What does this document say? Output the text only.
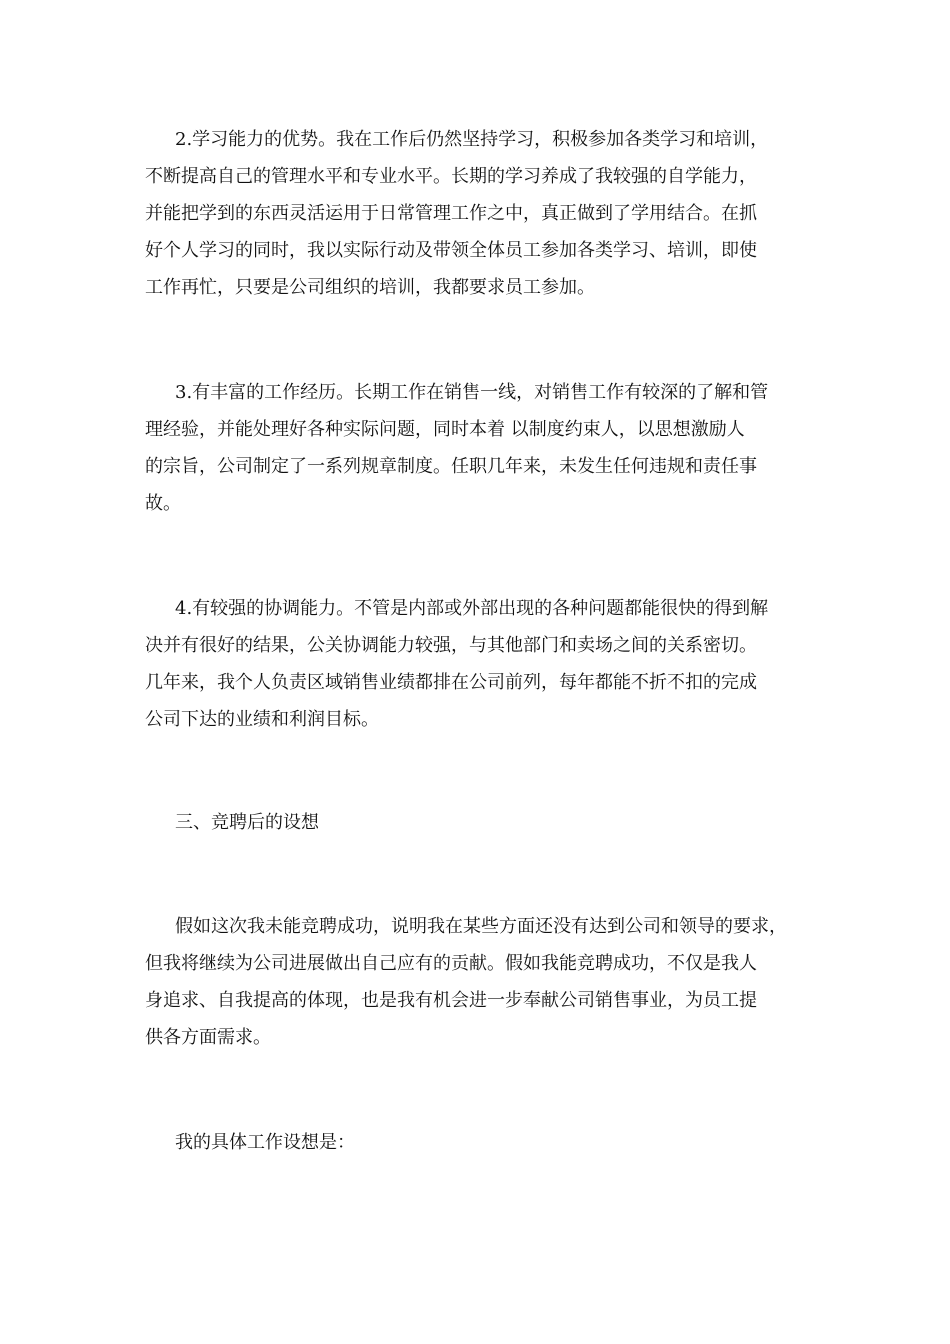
2.学习能力的优势。我在工作后仍然坚持学习，积极参加各类学习和培训，
不断提高自己的管理水平和专业水平。长期的学习养成了我较强的自学能力，
并能把学到的东西灵活运用于日常管理工作之中，真正做到了学用结合。在抓
好个人学习的同时，我以实际行动及带领全体员工参加各类学习、培训，即使
工作再忙，只要是公司组织的培训，我都要求员工参加。
3.有丰富的工作经历。长期工作在销售一线，对销售工作有较深的了解和管
理经验，并能处理好各种实际问题，同时本着 以制度约束人，以思想激励人
的宗旨，公司制定了一系列规章制度。任职几年来，未发生任何违规和责任事
故。
4.有较强的协调能力。不管是内部或外部出现的各种问题都能很快的得到解
决并有很好的结果，公关协调能力较强，与其他部门和卖场之间的关系密切。
几年来，我个人负责区域销售业绩都排在公司前列，每年都能不折不扣的完成
公司下达的业绩和利润目标。
三、竞聘后的设想
假如这次我未能竞聘成功，说明我在某些方面还没有达到公司和领导的要求，
但我将继续为公司进展做出自己应有的贡献。假如我能竞聘成功，不仅是我人
身追求、自我提高的体现，也是我有机会进一步奉献公司销售事业，为员工提
供各方面需求。
我的具体工作设想是：
